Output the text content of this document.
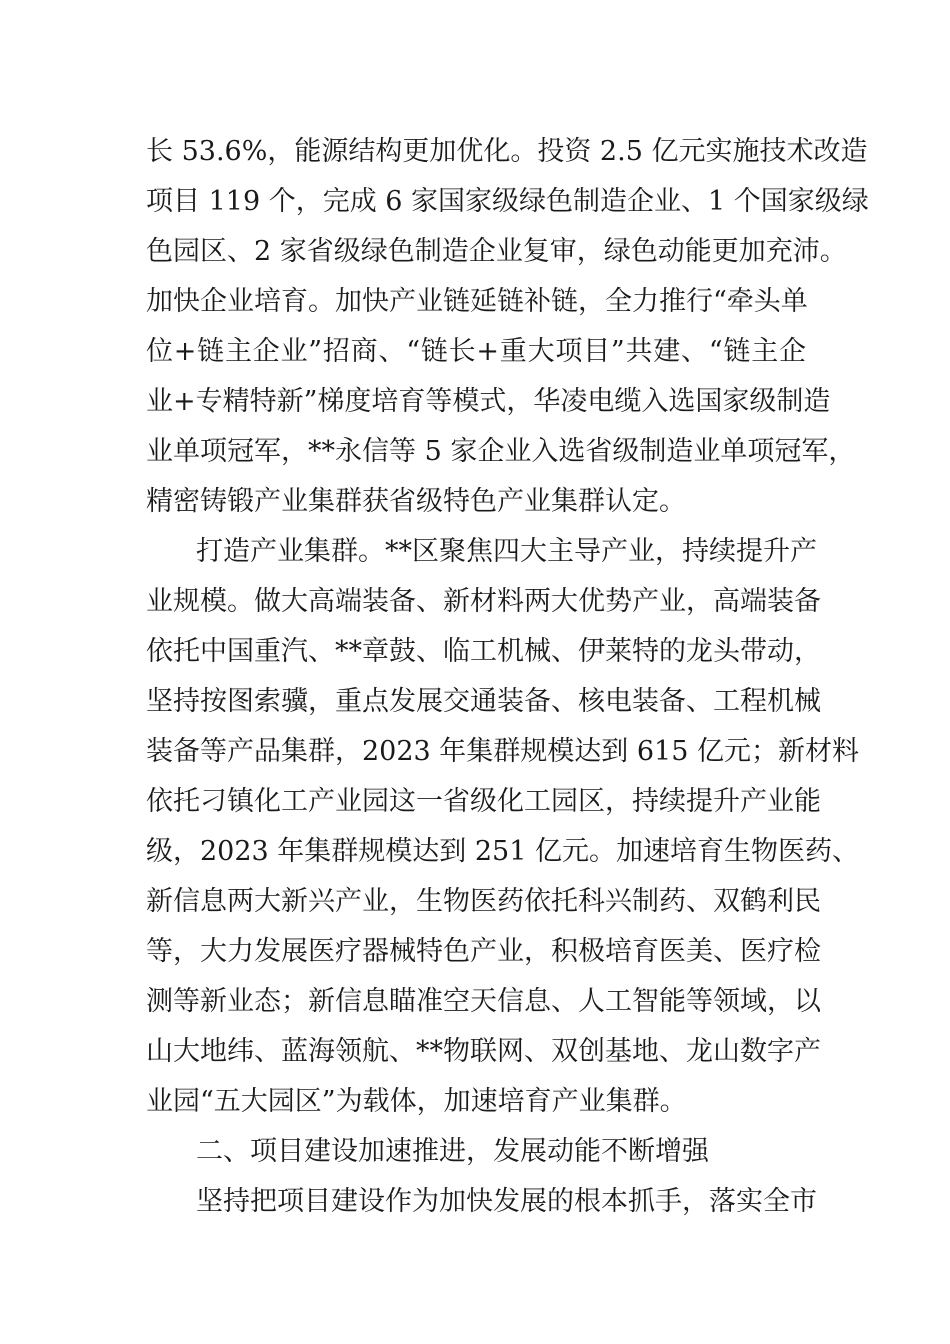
长 53.6%，能源结构更加优化。投资 2.5 亿元实施技术改造
项目 119 个，完成 6 家国家级绿色制造企业、1 个国家级绿
色园区、2 家省级绿色制造企业复审，绿色动能更加充沛。
加快企业培育。加快产业链延链补链，全力推行“牵头单
位+链主企业”招商、“链长+重大项目”共建、“链主企
业+专精特新”梯度培育等模式，华凌电缆入选国家级制造
业单项冠军，**永信等 5 家企业入选省级制造业单项冠军，
精密铸锻产业集群获省级特色产业集群认定。
打造产业集群。**区聚焦四大主导产业，持续提升产
业规模。做大高端装备、新材料两大优势产业，高端装备
依托中国重汽、**章鼓、临工机械、伊莱特的龙头带动，
坚持按图索骥，重点发展交通装备、核电装备、工程机械
装备等产品集群，2023 年集群规模达到 615 亿元；新材料
依托刁镇化工产业园这一省级化工园区，持续提升产业能
级，2023 年集群规模达到 251 亿元。加速培育生物医药、
新信息两大新兴产业，生物医药依托科兴制药、双鹤利民
等，大力发展医疗器械特色产业，积极培育医美、医疗检
测等新业态；新信息瞄准空天信息、人工智能等领域，以
山大地纬、蓝海领航、**物联网、双创基地、龙山数字产
业园“五大园区”为载体，加速培育产业集群。
二、项目建设加速推进，发展动能不断增强
坚持把项目建设作为加快发展的根本抓手，落实全市
